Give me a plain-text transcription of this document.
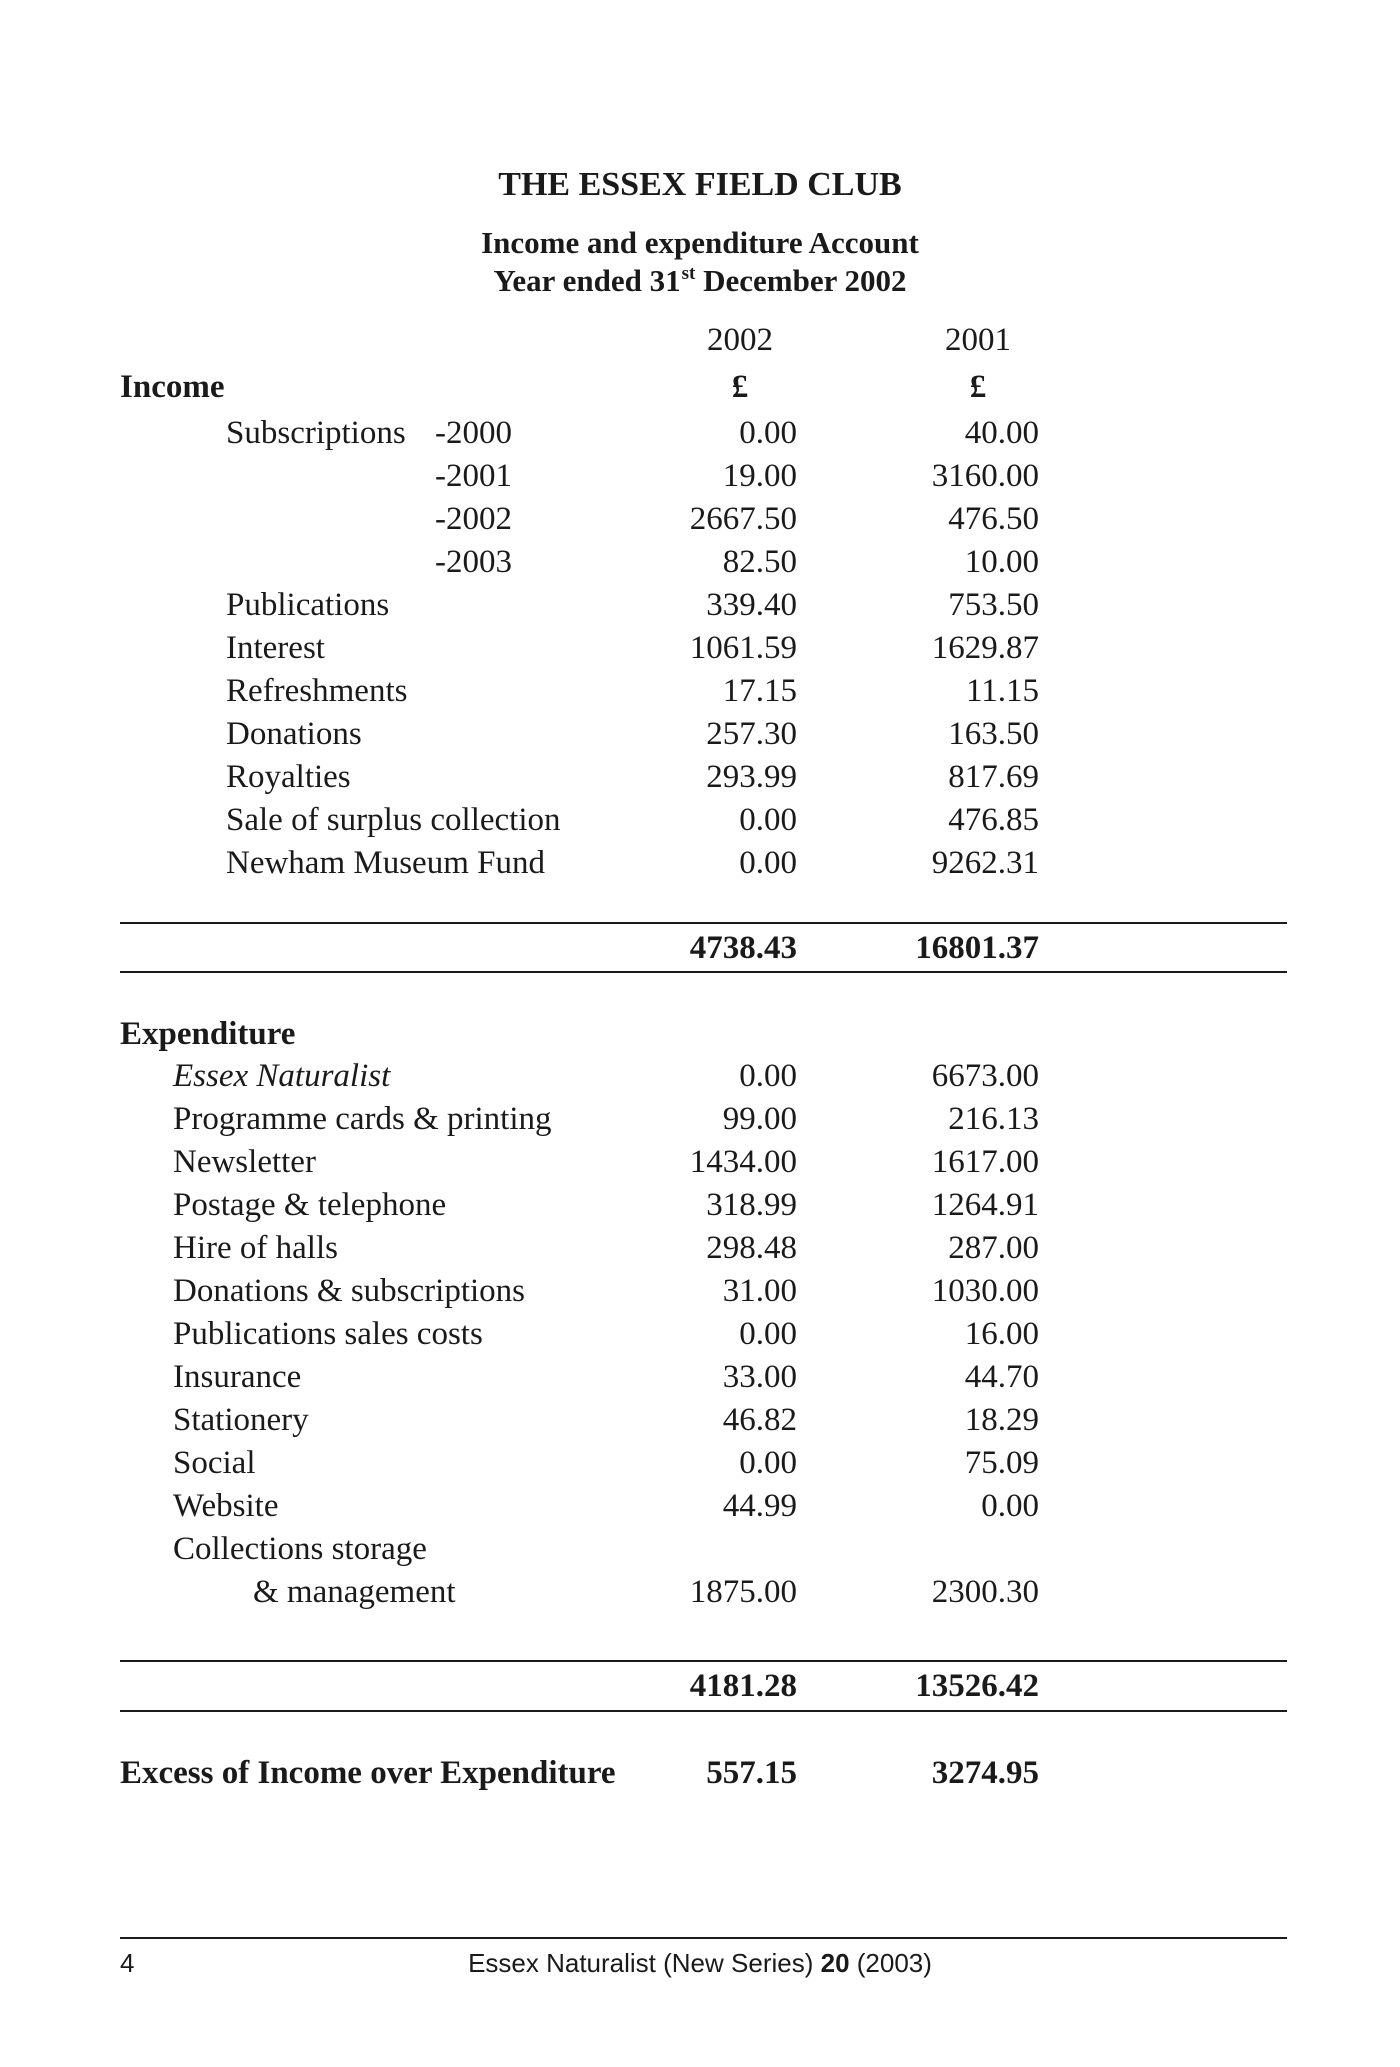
THE ESSEX FIELD CLUB
Income and expenditure Account
Year ended 31st December 2002
2002	2001
Income	£	£
Subscriptions -2000	0.00	40.00
-2001	19.00	3160.00
-2002	2667.50	476.50
-2003	82.50	10.00
Publications	339.40	753.50
Interest	1061.59	1629.87
Refreshments	17.15	11.15
Donations	257.30	163.50
Royalties	293.99	817.69
Sale of surplus collection	0.00	476.85
Newham Museum Fund	0.00	9262.31
4738.43	16801.37
Expenditure
Essex Naturalist	0.00	6673.00
Programme cards & printing	99.00	216.13
Newsletter	1434.00	1617.00
Postage & telephone	318.99	1264.91
Hire of halls	298.48	287.00
Donations & subscriptions	31.00	1030.00
Publications sales costs	0.00	16.00
Insurance	33.00	44.70
Stationery	46.82	18.29
Social	0.00	75.09
Website	44.99	0.00
Collections storage
& management	1875.00	2300.30
4181.28	13526.42
Excess of Income over Expenditure	557.15	3274.95
4	Essex Naturalist (New Series) 20 (2003)
